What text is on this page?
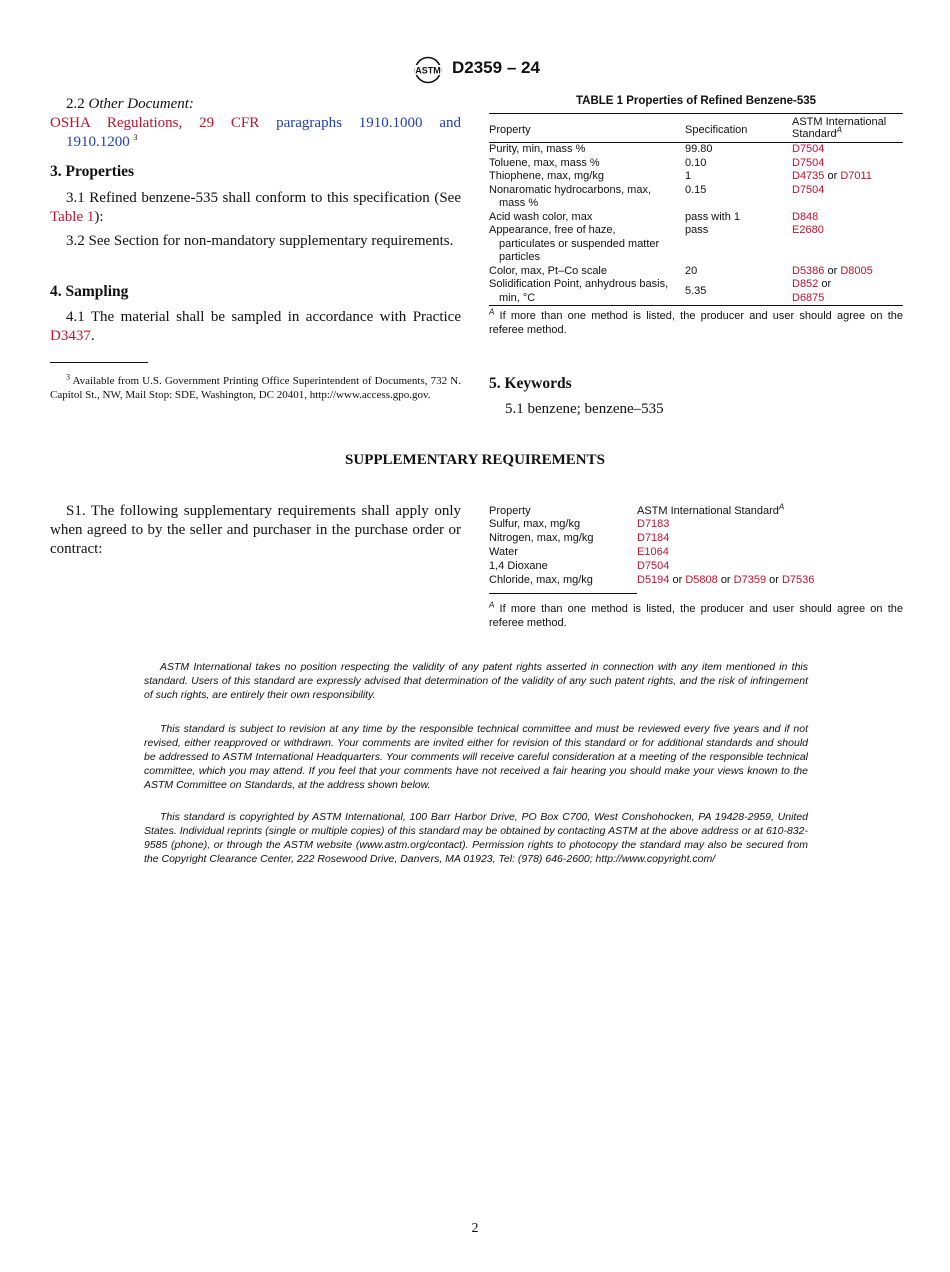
ASTM D2359 – 24
2.2 Other Document:
OSHA Regulations, 29 CFR paragraphs 1910.1000 and
1910.1200 $^3$
3. Properties
3.1 Refined benzene-535 shall conform to this specification (See Table 1):
3.2 See Section for non-mandatory supplementary requirements.
4. Sampling
4.1 The material shall be sampled in accordance with Practice D3437.
$^3$ Available from U.S. Government Printing Office Superintendent of Documents, 732 N. Capitol St., NW, Mail Stop: SDE, Washington, DC 20401, http://www.access.gpo.gov.
TABLE 1 Properties of Refined Benzene-535
Property	Specification	ASTM International Standard$^A$
Purity, min, mass %	99.80	D7504
Toluene, max, mass %	0.10	D7504
Thiophene, max, mg/kg	1	D4735 or D7011
Nonaromatic hydrocarbons, max, mass %	0.15	D7504
Acid wash color, max	pass with 1	D848
Appearance, free of haze, particulates or suspended matter particles	pass	E2680
Color, max, Pt–Co scale	20	D5386 or D8005
Solidification Point, anhydrous basis, min, °C	5.35	D852 or
D6875
$^A$ If more than one method is listed, the producer and user should agree on the referee method.
5. Keywords
5.1 benzene; benzene–535
SUPPLEMENTARY REQUIREMENTS
S1. The following supplementary requirements shall apply only when agreed to by the seller and purchaser in the purchase order or contract:
Property	ASTM International Standard$^A$
Sulfur, max, mg/kg	D7183
Nitrogen, max, mg/kg	D7184
Water	E1064
1,4 Dioxane	D7504
Chloride, max, mg/kg	D5194 or D5808 or D7359 or D7536
$^A$ If more than one method is listed, the producer and user should agree on the referee method.

ASTM International takes no position respecting the validity of any patent rights asserted in connection with any item mentioned in this standard. Users of this standard are expressly advised that determination of the validity of any such patent rights, and the risk of infringement of such rights, are entirely their own responsibility.

This standard is subject to revision at any time by the responsible technical committee and must be reviewed every five years and if not revised, either reapproved or withdrawn. Your comments are invited either for revision of this standard or for additional standards and should be addressed to ASTM International Headquarters. Your comments will receive careful consideration at a meeting of the responsible technical committee, which you may attend. If you feel that your comments have not received a fair hearing you should make your views known to the ASTM Committee on Standards, at the address shown below.

This standard is copyrighted by ASTM International, 100 Barr Harbor Drive, PO Box C700, West Conshohocken, PA 19428-2959, United States. Individual reprints (single or multiple copies) of this standard may be obtained by contacting ASTM at the above address or at 610-832-9585 (phone), or through the ASTM website (www.astm.org/contact). Permission rights to photocopy the standard may also be secured from the Copyright Clearance Center, 222 Rosewood Drive, Danvers, MA 01923, Tel: (978) 646-2600; http://www.copyright.com/

2
